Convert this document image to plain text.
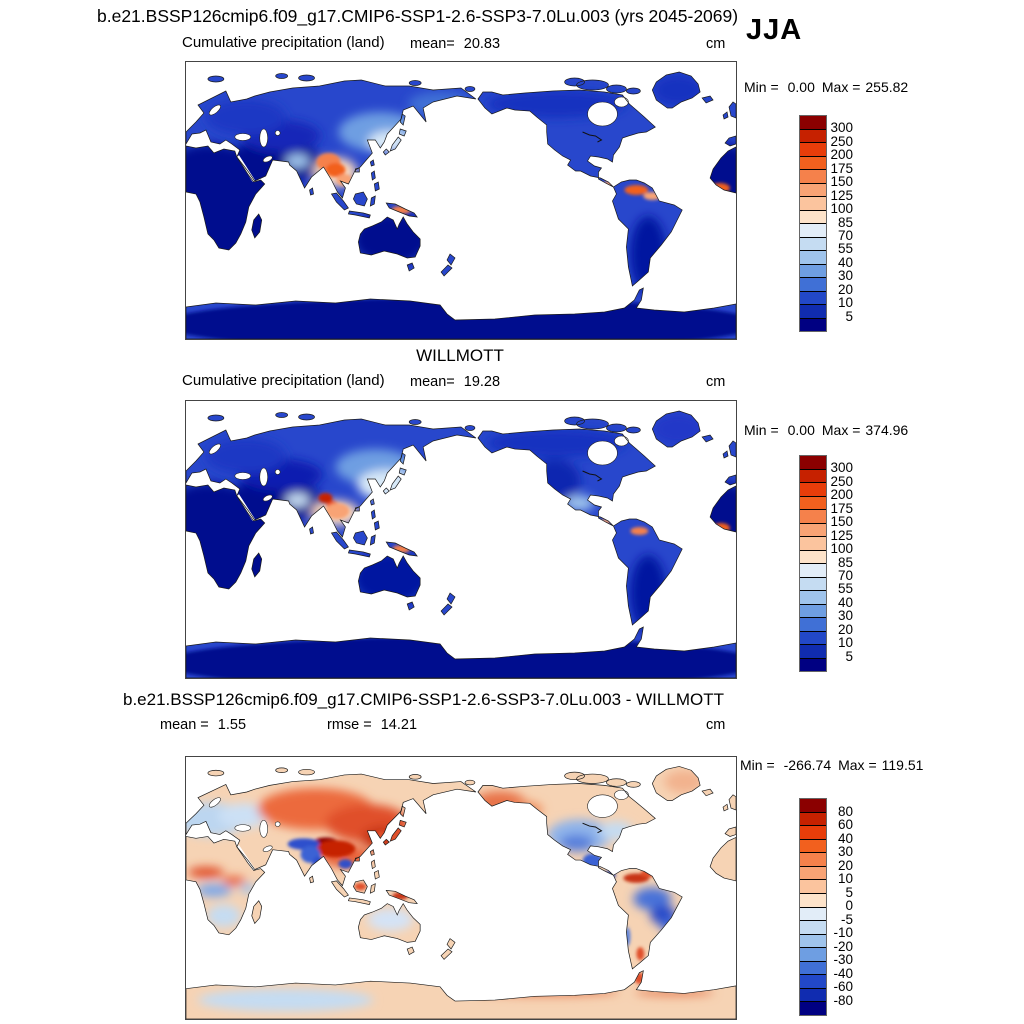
b.e21.BSSP126cmip6.f09_g17.CMIP6-SSP1-2.6-SSP3-7.0Lu.003 (yrs 2045-2069) JJA
Cumulative precipitation (land) mean= 20.83	cm
Min = 0.00 Max = 255.82
300
250
200
175
150
125
100
85
70
55
40
30
20
10
5
WILLMOTT
Cumulative precipitation (land) mean= 19.28	cm
Min = 0.00 Max = 374.96
300
250
200
175
150
125
100
85
70
55
40
30
20
10
5
b.e21.BSSP126cmip6.f09_g17.CMIP6-SSP1-2.6-SSP3-7.0Lu.003 - WILLMOTT
mean = 1.55	rmse = 14.21	cm
Min = -266.74 Max = 119.51
80
60
40
30
20
10
5
0
-5
-10
-20
-30
-40
-60
-80
